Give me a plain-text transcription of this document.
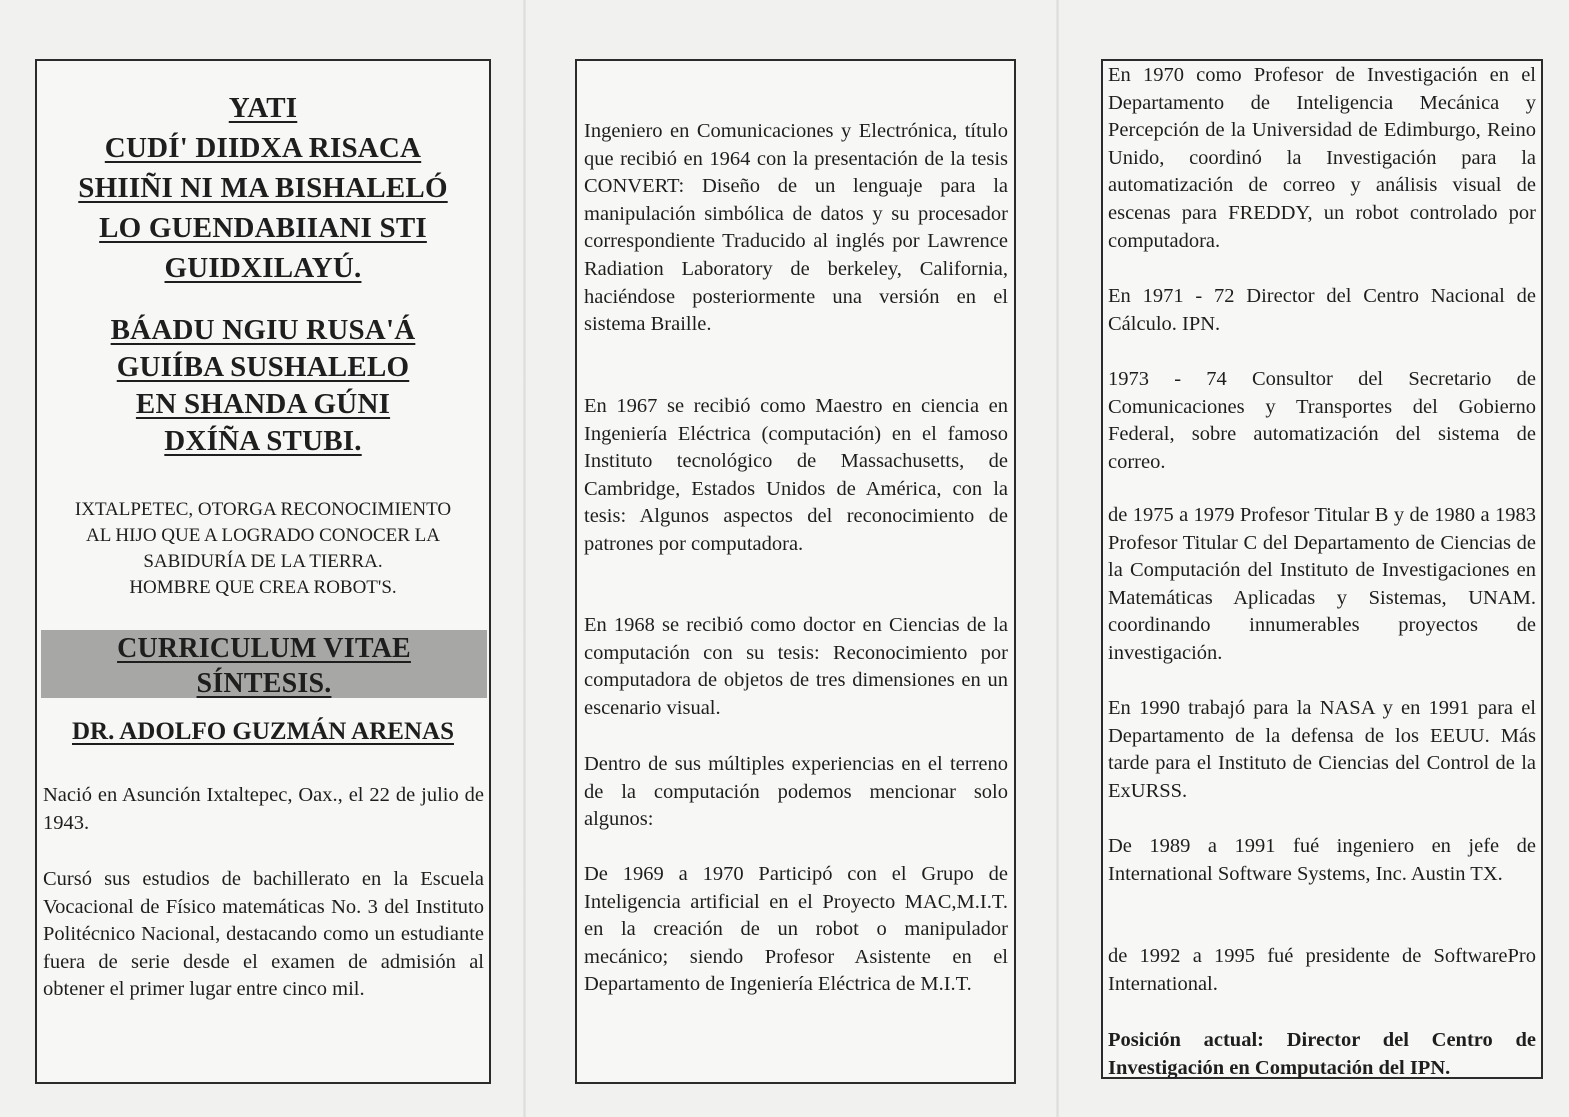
YATI
CUDÍ' DIIDXA RISACA
SHIIÑI NI MA BISHALELÓ
LO GUENDABIIANI STI
GUIDXILAYÚ.
BÁADU NGIU RUSA'Á
GUIÍBA SUSHALELO
EN SHANDA GÚNI
DXÍÑA STUBI.
IXTALPETEC, OTORGA RECONOCIMIENTO
AL HIJO QUE A LOGRADO CONOCER LA
SABIDURÍA DE LA TIERRA.
HOMBRE QUE CREA ROBOT'S.
CURRICULUM VITAE
SÍNTESIS.
DR. ADOLFO GUZMÁN ARENAS

Nació en Asunción Ixtaltepec, Oax., el 22 de julio de 1943.

Cursó sus estudios de bachillerato en la Escuela Vocacional de Físico matemáticas No. 3 del Instituto Politécnico Nacional, destacando como un estudiante fuera de serie desde el examen de admisión al obtener el primer lugar entre cinco mil.

Ingeniero en Comunicaciones y Electrónica, título que recibió en 1964 con la presentación de la tesis CONVERT: Diseño de un lenguaje para la manipulación simbólica de datos y su procesador correspondiente Traducido al inglés por Lawrence Radiation Laboratory de berkeley, California, haciéndose posteriormente una versión en el sistema Braille.

En 1967 se recibió como Maestro en ciencia en Ingeniería Eléctrica (computación) en el famoso Instituto tecnológico de Massachusetts, de Cambridge, Estados Unidos de América, con la tesis: Algunos aspectos del reconocimiento de patrones por computadora.

En 1968 se recibió como doctor en Ciencias de la computación con su tesis: Reconocimiento por computadora de objetos de tres dimensiones en un escenario visual.

Dentro de sus múltiples experiencias en el terreno de la computación podemos mencionar solo algunos:

De 1969 a 1970 Participó con el Grupo de Inteligencia artificial en el Proyecto MAC,M.I.T. en la creación de un robot o manipulador mecánico; siendo Profesor Asistente en el Departamento de Ingeniería Eléctrica de M.I.T.

En 1970 como Profesor de Investigación en el Departamento de Inteligencia Mecánica y Percepción de la Universidad de Edimburgo, Reino Unido, coordinó la Investigación para la automatización de correo y análisis visual de escenas para FREDDY, un robot controlado por computadora.

En 1971 - 72 Director del Centro Nacional de Cálculo. IPN.

1973 - 74 Consultor del Secretario de Comunicaciones y Transportes del Gobierno Federal, sobre automatización del sistema de correo.

de 1975 a 1979 Profesor Titular B y de 1980 a 1983 Profesor Titular C del Departamento de Ciencias de la Computación del Instituto de Investigaciones en Matemáticas Aplicadas y Sistemas, UNAM. coordinando innumerables proyectos de investigación.

En 1990 trabajó para la NASA y en 1991 para el Departamento de la defensa de los EEUU. Más tarde para el Instituto de Ciencias del Control de la ExURSS.

De 1989 a 1991 fué ingeniero en jefe de International Software Systems, Inc. Austin TX.

de 1992 a 1995 fué presidente de SoftwarePro International.

Posición actual: Director del Centro de Investigación en Computación del IPN.
